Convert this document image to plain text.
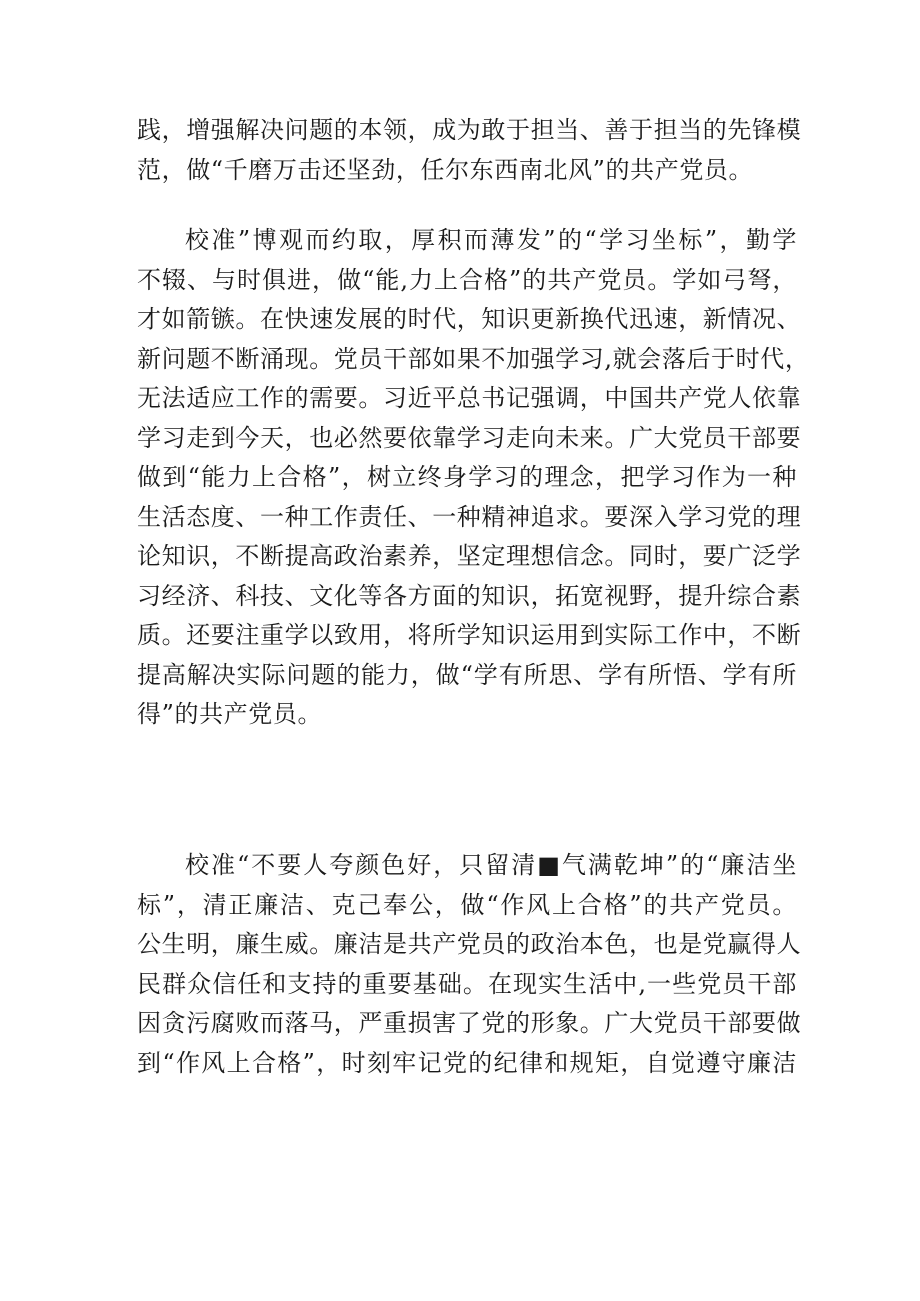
践，增强解决问题的本领，成为敢于担当、善于担当的先锋模
范，做“千磨万击还坚劲，任尔东西南北风”的共产党员。
校准”博观而约取，厚积而薄发”的“学习坐标”，勤学
不辍、与时俱进，做“能,力上合格”的共产党员。学如弓弩，
才如箭镞。在快速发展的时代，知识更新换代迅速，新情况、
新问题不断涌现。党员干部如果不加强学习,就会落后于时代，
无法适应工作的需要。习近平总书记强调，中国共产党人依靠
学习走到今天，也必然要依靠学习走向未来。广大党员干部要
做到“能力上合格”，树立终身学习的理念，把学习作为一种
生活态度、一种工作责任、一种精神追求。要深入学习党的理
论知识，不断提高政治素养，坚定理想信念。同时，要广泛学
习经济、科技、文化等各方面的知识，拓宽视野，提升综合素
质。还要注重学以致用，将所学知识运用到实际工作中，不断
提高解决实际问题的能力，做“学有所思、学有所悟、学有所
得”的共产党员。
校准“不要人夸颜色好，只留清■气满乾坤”的“廉洁坐
标”，清正廉洁、克己奉公，做“作风上合格”的共产党员。
公生明，廉生威。廉洁是共产党员的政治本色，也是党赢得人
民群众信任和支持的重要基础。在现实生活中,一些党员干部
因贪污腐败而落马，严重损害了党的形象。广大党员干部要做
到“作风上合格”，时刻牢记党的纪律和规矩，自觉遵守廉洁
